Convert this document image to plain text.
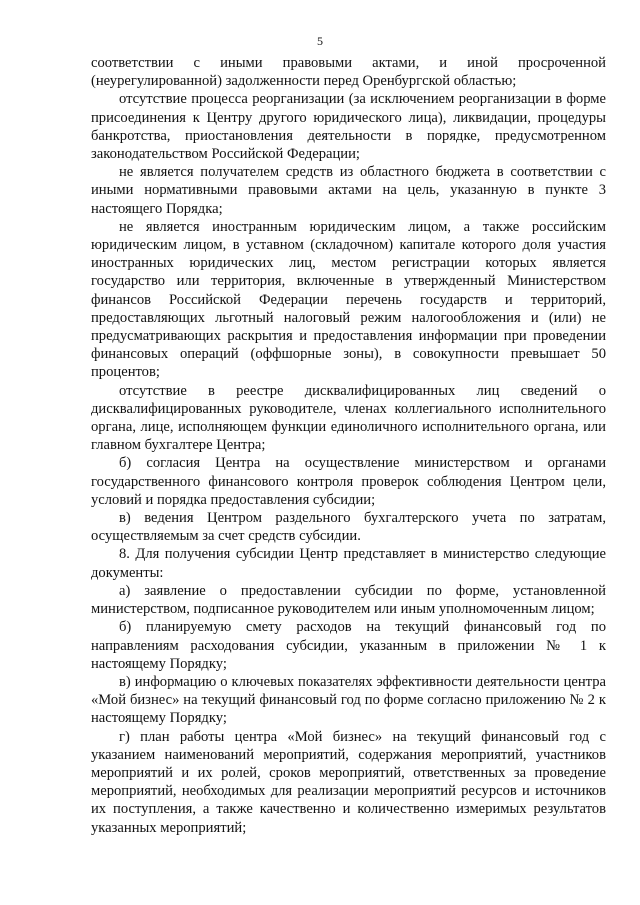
5

соответствии с иными правовыми актами, и иной просроченной (неурегулированной) задолженности перед Оренбургской областью;

отсутствие процесса реорганизации (за исключением реорганизации в форме присоединения к Центру другого юридического лица), ликвидации, процедуры банкротства, приостановления деятельности в порядке, предусмотренном законодательством Российской Федерации;

не является получателем средств из областного бюджета в соответствии с иными нормативными правовыми актами на цель, указанную в пункте 3 настоящего Порядка;

не является иностранным юридическим лицом, а также российским юридическим лицом, в уставном (складочном) капитале которого доля участия иностранных юридических лиц, местом регистрации которых является государство или территория, включенные в утвержденный Министерством финансов Российской Федерации перечень государств и территорий, предоставляющих льготный налоговый режим налогообложения и (или) не предусматривающих раскрытия и предоставления информации при проведении финансовых операций (оффшорные зоны), в совокупности превышает 50 процентов;

отсутствие в реестре дисквалифицированных лиц сведений о дисквалифицированных руководителе, членах коллегиального исполнительного органа, лице, исполняющем функции единоличного исполнительного органа, или главном бухгалтере Центра;

б) согласия Центра на осуществление министерством и органами государственного финансового контроля проверок соблюдения Центром цели, условий и порядка предоставления субсидии;

в) ведения Центром раздельного бухгалтерского учета по затратам, осуществляемым за счет средств субсидии.

8. Для получения субсидии Центр представляет в министерство следующие документы:

а) заявление о предоставлении субсидии по форме, установленной министерством, подписанное руководителем или иным уполномоченным лицом;

б) планируемую смету расходов на текущий финансовый год по направлениям расходования субсидии, указанным в приложении № 1 к настоящему Порядку;

в) информацию о ключевых показателях эффективности деятельности центра «Мой бизнес» на текущий финансовый год по форме согласно приложению № 2 к настоящему Порядку;

г) план работы центра «Мой бизнес» на текущий финансовый год с указанием наименований мероприятий, содержания мероприятий, участников мероприятий и их ролей, сроков мероприятий, ответственных за проведение мероприятий, необходимых для реализации мероприятий ресурсов и источников их поступления, а также качественно и количественно измеримых результатов указанных мероприятий;
